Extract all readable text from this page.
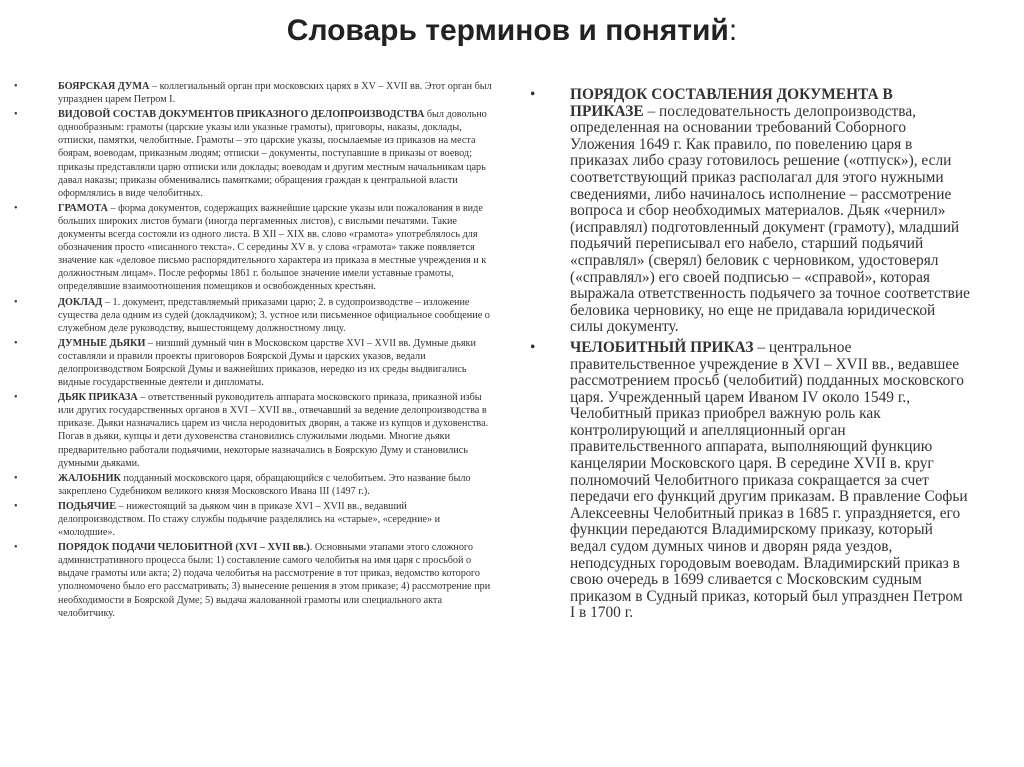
Словарь терминов и понятий:
•	БОЯРСКАЯ ДУМА – коллегиальный орган при московских царях в XV – XVII вв. Этот орган был упразднен царем Петром I.
•	ВИДОВОЙ СОСТАВ ДОКУМЕНТОВ ПРИКАЗНОГО ДЕЛОПРОИЗВОДСТВА был довольно однообразным: грамоты (царские указы или указные грамоты), приговоры, наказы, доклады, отписки, памятки, челобитные. Грамоты – это царские указы, посылаемые из приказов на места боярам, воеводам, приказным людям; отписки – документы, поступавшие в приказы от воевод; приказы представляли царю отписки или доклады; воеводам и другим местным начальникам царь давал наказы; приказы обменивались памятками; обращения граждан к центральной власти оформлялись в виде челобитных.
•	ГРАМОТА – форма документов, содержащих важнейшие царские указы или пожалования в виде больших широких листов бумаги (иногда пергаменных листов), с вислыми печатями. Такие документы всегда состояли из одного листа. В XII – XIX вв. слово «грамота» употреблялось для обозначения просто «писанного текста». С середины XV в. у слова «грамота» также появляется значение как «деловое письмо распорядительного характера из приказа в местные учреждения и к должностным лицам». После реформы 1861 г. большое значение имели уставные грамоты, определявшие взаимоотношения помещиков и освобожденных крестьян.
•	ДОКЛАД – 1. документ, представляемый приказами царю; 2. в судопроизводстве – изложение существа дела одним из судей (докладчиком); 3. устное или письменное официальное сообщение о служебном деле руководству, вышестоящему должностному лицу.
•	ДУМНЫЕ ДЬЯКИ – низший думный чин в Московском царстве XVI – XVII вв. Думные дьяки составляли и правили проекты приговоров Боярской Думы и царских указов, ведали делопроизводством Боярской Думы и важнейших приказов, нередко из их среды выдвигались видные государственные деятели и дипломаты.
•	ДЬЯК ПРИКАЗА – ответственный руководитель аппарата московского приказа, приказной избы или других государственных органов в XVI – XVII вв., отвечавший за ведение делопроизводства в приказе. Дьяки назначались царем из числа неродовитых дворян, а также из купцов и духовенства. Погав в дьяки, купцы и дети духовенства становились служилыми людьми. Многие дьяки предварительно работали подьячими, некоторые назначались в Боярскую Думу и становились думными дьяками.
•	ЖАЛОБНИК подданный московского царя, обращающийся с челобитьем. Это название было закреплено Судебником великого князя Московского Ивана III (1497 г.).
•	ПОДЬЯЧИЕ – нижестоящий за дьяком чин в приказе XVI – XVII вв., ведавший делопроизводством. По стажу службы подьячие разделялись на «старые», «середние» и «молодшие».
•	ПОРЯДОК ПОДАЧИ ЧЕЛОБИТНОЙ (XVI – XVII вв.). Основными этапами этого сложного административного процесса были: 1) составление самого челобитья на имя царя с просьбой о выдаче грамоты или акта; 2) подача челобитья на рассмотрение в тот приказ, ведомство которого уполномочено было его рассматривать; 3) вынесение решения в этом приказе; 4) рассмотрение при необходимости в Боярской Думе; 5) выдача жалованной грамоты или специального акта челобитчику.
• ПОРЯДОК СОСТАВЛЕНИЯ ДОКУМЕНТА В ПРИКАЗЕ – последовательность делопроизводства, определенная на основании требований Соборного Уложения 1649 г. Как правило, по повелению царя в приказах либо сразу готовилось решение («отпуск»), если соответствующий приказ располагал для этого нужными сведениями, либо начиналось исполнение – рассмотрение вопроса и сбор необходимых материалов. Дьяк «чернил» (исправлял) подготовленный документ (грамоту), младший подьячий переписывал его набело, старший подьячий «справлял» (сверял) беловик с черновиком, удостоверял («справлял») его своей подписью – «справой», которая выражала ответственность подьячего за точное соответствие беловика черновику, но еще не придавала юридической силы документу.
• ЧЕЛОБИТНЫЙ ПРИКАЗ – центральное правительственное учреждение в XVI – XVII вв., ведавшее рассмотрением просьб (челобитий) подданных московского царя. Учрежденный царем Иваном IV около 1549 г., Челобитный приказ приобрел важную роль как контролирующий и апелляционный орган правительственного аппарата, выполняющий функцию канцелярии Московского царя. В середине XVII в. круг полномочий Челобитного приказа сокращается за счет передачи его функций другим приказам. В правление Софьи Алексеевны Челобитный приказ в 1685 г. упраздняется, его функции передаются Владимирскому приказу, который ведал судом думных чинов и дворян ряда уездов, неподсудных городовым воеводам. Владимирский приказ в свою очередь в 1699 сливается с Московским судным приказом в Судный приказ, который был упразднен Петром I в 1700 г.
